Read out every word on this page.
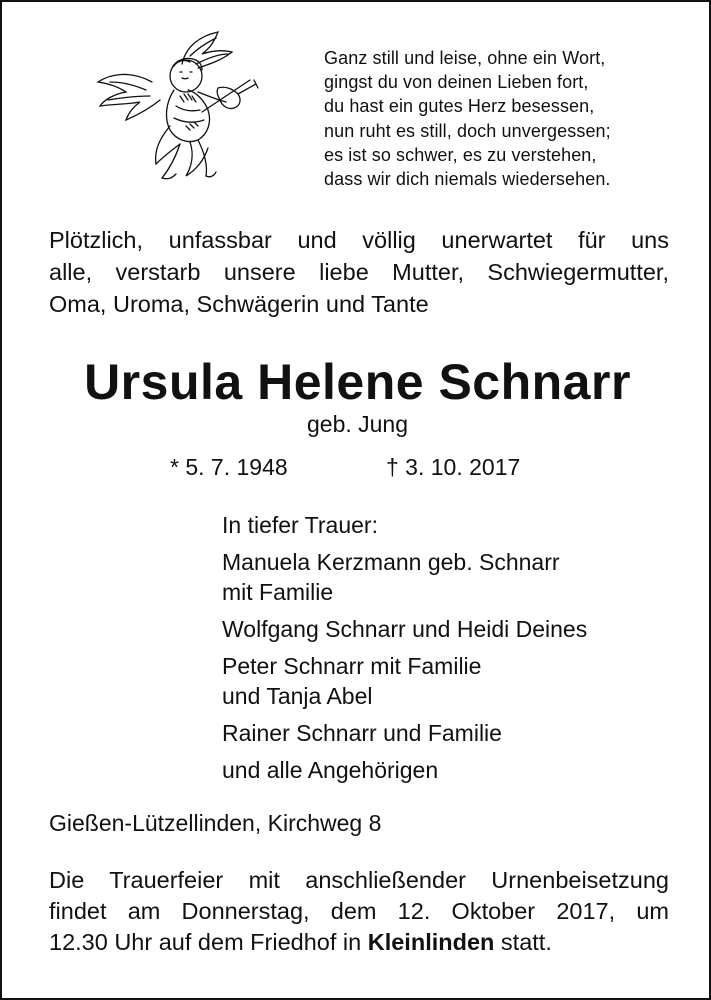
Ganz still und leise, ohne ein Wort,
gingst du von deinen Lieben fort,
du hast ein gutes Herz besessen,
nun ruht es still, doch unvergessen;
es ist so schwer, es zu verstehen,
dass wir dich niemals wiedersehen.
Plötzlich, unfassbar und völlig unerwartet für uns
alle, verstarb unsere liebe Mutter, Schwiegermutter,
Oma, Uroma, Schwägerin und Tante
Ursula Helene Schnarr
geb. Jung
* 5. 7. 1948	† 3. 10. 2017
In tiefer Trauer:
Manuela Kerzmann geb. Schnarr
mit Familie
Wolfgang Schnarr und Heidi Deines
Peter Schnarr mit Familie
und Tanja Abel
Rainer Schnarr und Familie
und alle Angehörigen
Gießen-Lützellinden, Kirchweg 8
Die Trauerfeier mit anschließender Urnenbeisetzung
findet am Donnerstag, dem 12. Oktober 2017, um
12.30 Uhr auf dem Friedhof in Kleinlinden statt.
